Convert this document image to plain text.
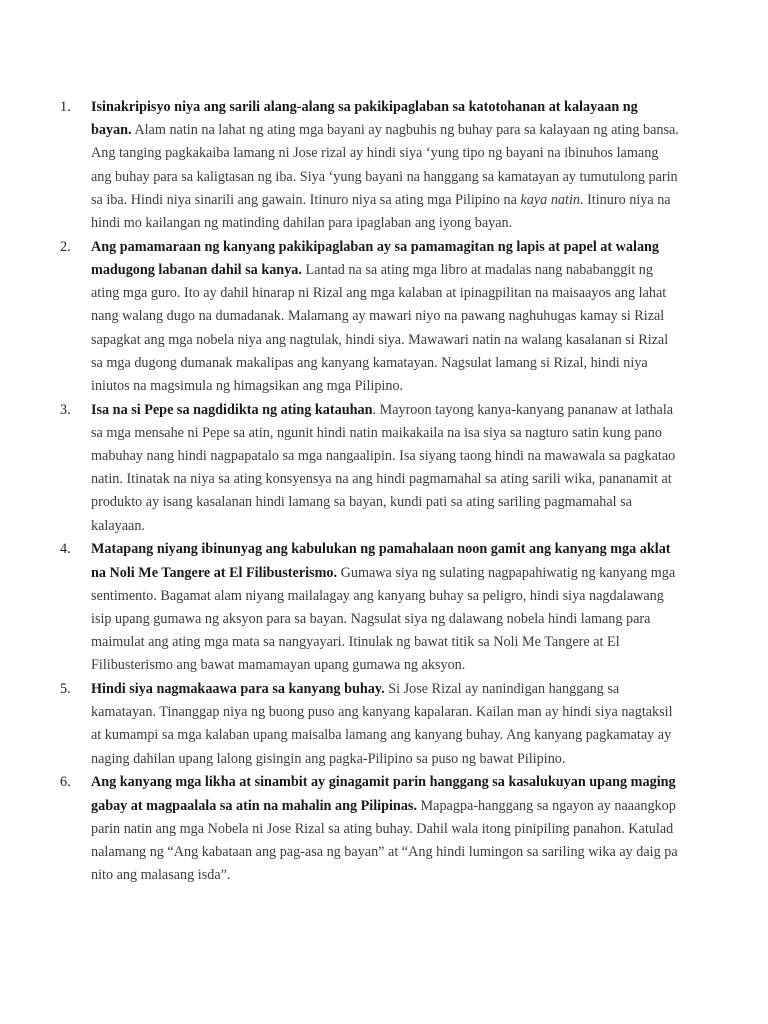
1. Isinakripisyo niya ang sarili alang-alang sa pakikipaglaban sa katotohanan at kalayaan ng bayan. Alam natin na lahat ng ating mga bayani ay nagbuhis ng buhay para sa kalayaan ng ating bansa. Ang tanging pagkakaiba lamang ni Jose rizal ay hindi siya ‘yung tipo ng bayani na ibinuhos lamang ang buhay para sa kaligtasan ng iba. Siya ‘yung bayani na hanggang sa kamatayan ay tumutulong parin sa iba. Hindi niya sinarili ang gawain. Itinuro niya sa ating mga Pilipino na kaya natin. Itinuro niya na hindi mo kailangan ng matinding dahilan para ipaglaban ang iyong bayan.
2. Ang pamamaraan ng kanyang pakikipaglaban ay sa pamamagitan ng lapis at papel at walang madugong labanan dahil sa kanya. Lantad na sa ating mga libro at madalas nang nababanggit ng ating mga guro. Ito ay dahil hinarap ni Rizal ang mga kalaban at ipinagpilitan na maisaayos ang lahat nang walang dugo na dumadanak. Malamang ay mawari niyo na pawang naghuhugas kamay si Rizal sapagkat ang mga nobela niya ang nagtulak, hindi siya. Mawawari natin na walang kasalanan si Rizal sa mga dugong dumanak makalipas ang kanyang kamatayan. Nagsulat lamang si Rizal, hindi niya iniutos na magsimula ng himagsikan ang mga Pilipino.
3. Isa na si Pepe sa nagdidikta ng ating katauhan. Mayroon tayong kanya-kanyang pananaw at lathala sa mga mensahe ni Pepe sa atin, ngunit hindi natin maikakaila na isa siya sa nagturo satin kung pano mabuhay nang hindi nagpapatalo sa mga nangaalipin. Isa siyang taong hindi na mawawala sa pagkatao natin. Itinatak na niya sa ating konsyensya na ang hindi pagmamahal sa ating sarili wika, pananamit at produkto ay isang kasalanan hindi lamang sa bayan, kundi pati sa ating sariling pagmamahal sa kalayaan.
4. Matapang niyang ibinunyag ang kabulukan ng pamahalaan noon gamit ang kanyang mga aklat na Noli Me Tangere at El Filibusterismo. Gumawa siya ng sulating nagpapahiwatig ng kanyang mga sentimento. Bagamat alam niyang mailalagay ang kanyang buhay sa peligro, hindi siya nagdalawang isip upang gumawa ng aksyon para sa bayan. Nagsulat siya ng dalawang nobela hindi lamang para maimulat ang ating mga mata sa nangyayari. Itinulak ng bawat titik sa Noli Me Tangere at El Filibusterismo ang bawat mamamayan upang gumawa ng aksyon.
5. Hindi siya nagmakaawa para sa kanyang buhay. Si Jose Rizal ay nanindigan hanggang sa kamatayan. Tinanggap niya ng buong puso ang kanyang kapalaran. Kailan man ay hindi siya nagtaksil at kumampi sa mga kalaban upang maisalba lamang ang kanyang buhay. Ang kanyang pagkamatay ay naging dahilan upang lalong gisingin ang pagka-Pilipino sa puso ng bawat Pilipino.
6. Ang kanyang mga likha at sinambit ay ginagamit parin hanggang sa kasalukuyan upang maging gabay at magpaalala sa atin na mahalin ang Pilipinas. Mapagpa-hanggang sa ngayon ay naaangkop parin natin ang mga Nobela ni Jose Rizal sa ating buhay. Dahil wala itong pinipiling panahon. Katulad nalamang ng “Ang kabataan ang pag-asa ng bayan” at “Ang hindi lumingon sa sariling wika ay daig pa nito ang malasang isda”.
